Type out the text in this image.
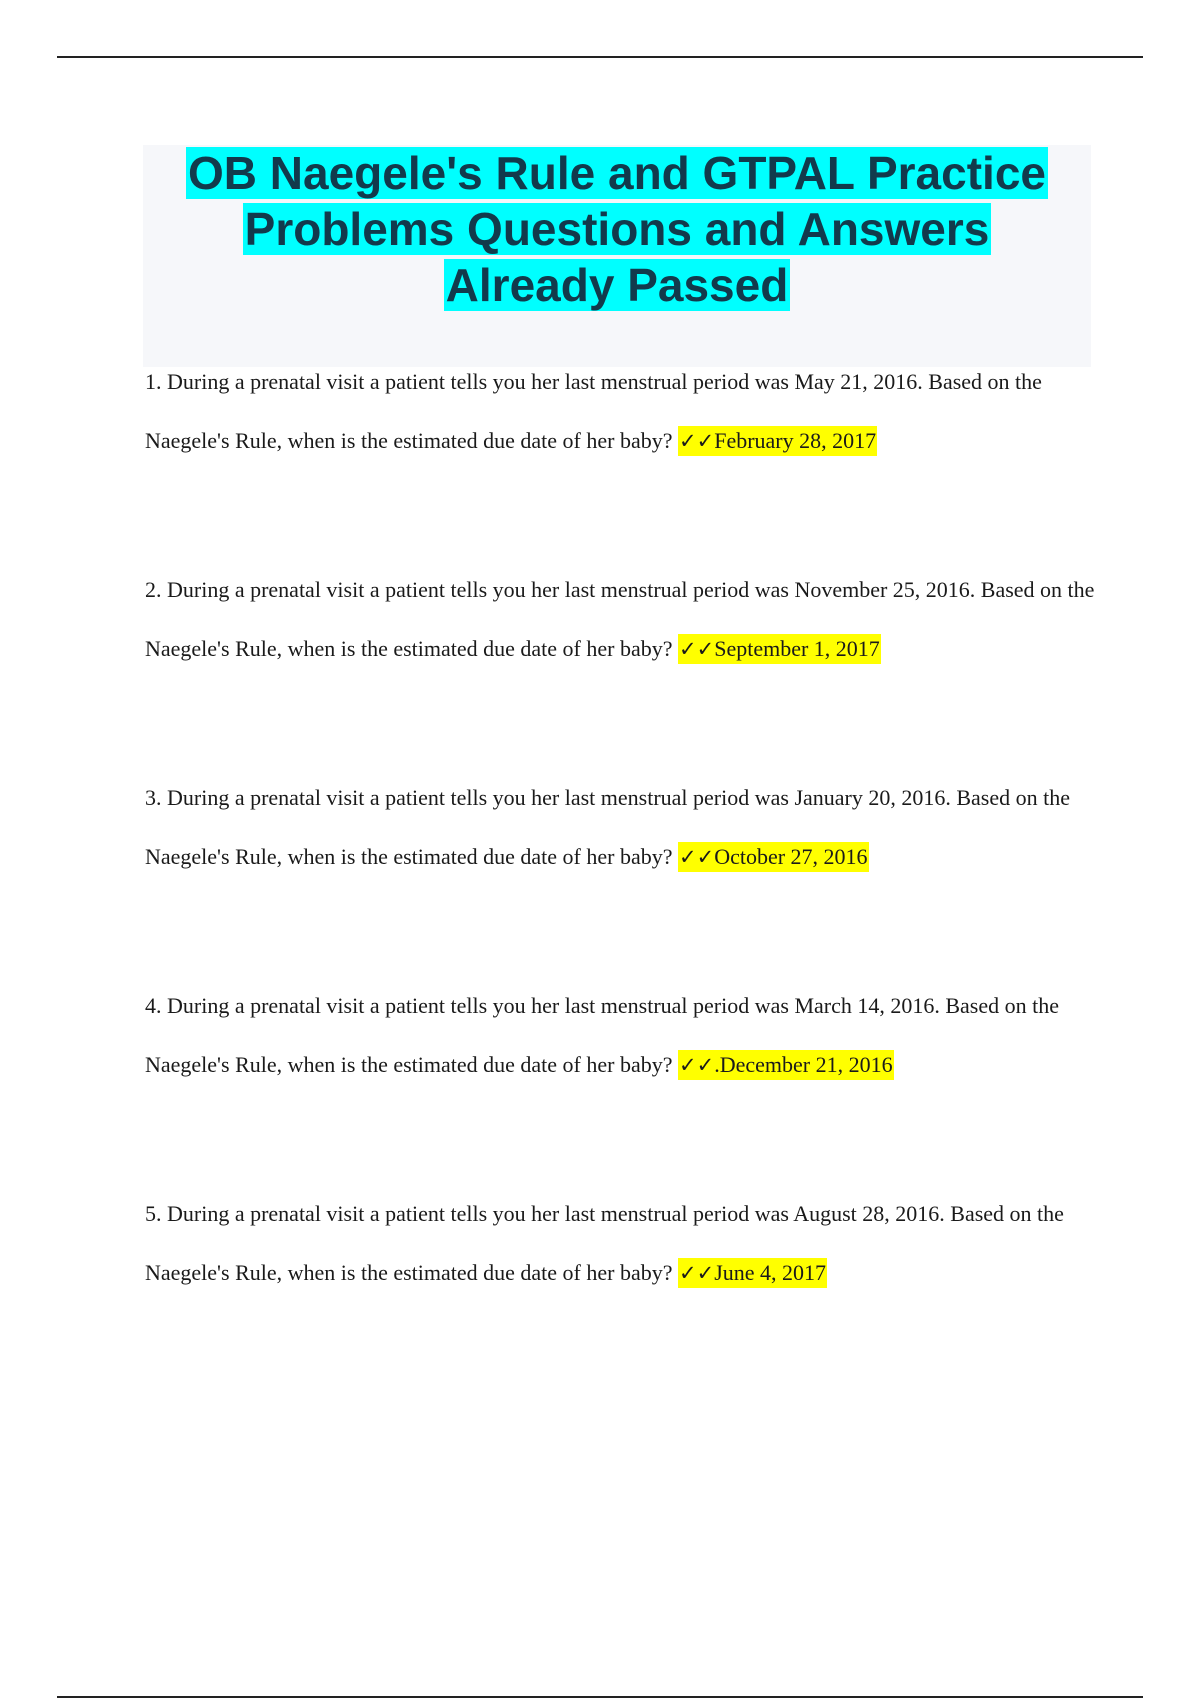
OB Naegele's Rule and GTPAL Practice
Problems Questions and Answers
Already Passed

1. During a prenatal visit a patient tells you her last menstrual period was May 21, 2016. Based on the Naegele's Rule, when is the estimated due date of her baby? ✓✓February 28, 2017

2. During a prenatal visit a patient tells you her last menstrual period was November 25, 2016. Based on the Naegele's Rule, when is the estimated due date of her baby? ✓✓September 1, 2017

3. During a prenatal visit a patient tells you her last menstrual period was January 20, 2016. Based on the Naegele's Rule, when is the estimated due date of her baby? ✓✓October 27, 2016

4. During a prenatal visit a patient tells you her last menstrual period was March 14, 2016. Based on the Naegele's Rule, when is the estimated due date of her baby? ✓✓.December 21, 2016

5. During a prenatal visit a patient tells you her last menstrual period was August 28, 2016. Based on the Naegele's Rule, when is the estimated due date of her baby? ✓✓June 4, 2017
